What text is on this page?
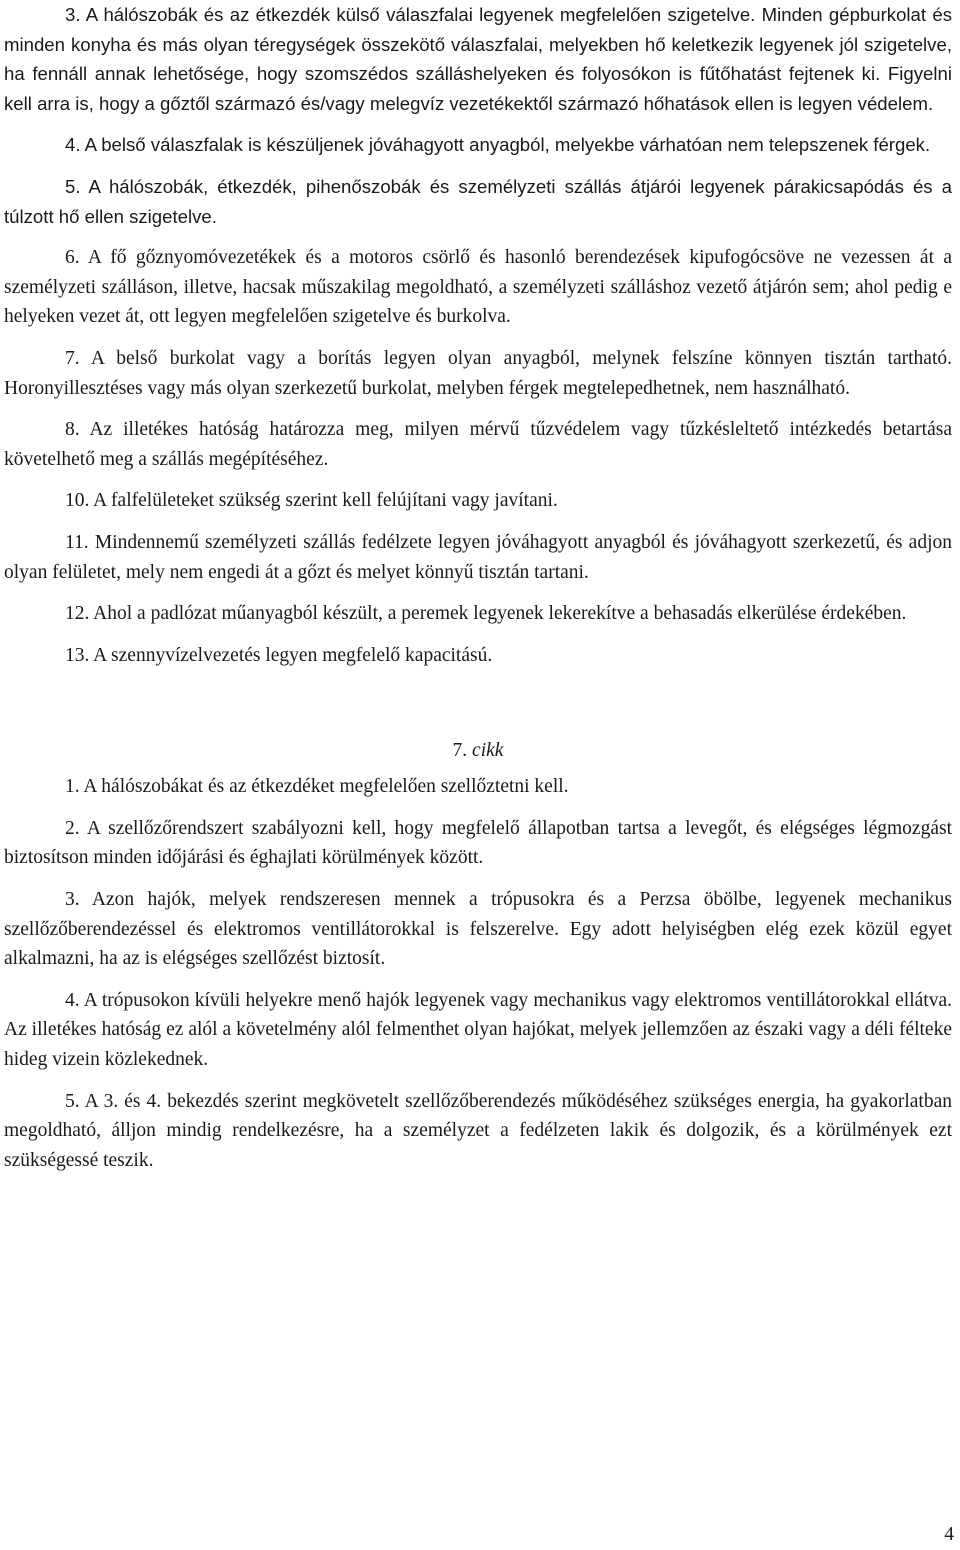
3. A hálószobák és az étkezdék külső válaszfalai legyenek megfelelően szigetelve. Minden gépburkolat és minden konyha és más olyan téregységek összekötő válaszfalai, melyekben hő keletkezik legyenek jól szigetelve, ha fennáll annak lehetősége, hogy szomszédos szálláshelyeken és folyosókon is fűtőhatást fejtenek ki. Figyelni kell arra is, hogy a gőztől származó és/vagy melegvíz vezetékektől származó hőhatások ellen is legyen védelem.

4. A belső válaszfalak is készüljenek jóváhagyott anyagból, melyekbe várhatóan nem telepszenek férgek.

5. A hálószobák, étkezdék, pihenőszobák és személyzeti szállás átjárói legyenek párakicsapódás és a túlzott hő ellen szigetelve.

6. A fő gőznyomóvezetékek és a motoros csörlő és hasonló berendezések kipufogócsöve ne vezessen át a személyzeti szálláson, illetve, hacsak műszakilag megoldható, a személyzeti szálláshoz vezető átjárón sem; ahol pedig e helyeken vezet át, ott legyen megfelelően szigetelve és burkolva.

7. A belső burkolat vagy a borítás legyen olyan anyagból, melynek felszíne könnyen tisztán tartható. Horonyillesztéses vagy más olyan szerkezetű burkolat, melyben férgek megtelepedhetnek, nem használható.

8. Az illetékes hatóság határozza meg, milyen mérvű tűzvédelem vagy tűzkésleltető intézkedés betartása követelhető meg a szállás megépítéséhez.

10. A falfelületeket szükség szerint kell felújítani vagy javítani.

11. Mindennemű személyzeti szállás fedélzete legyen jóváhagyott anyagból és jóváhagyott szerkezetű, és adjon olyan felületet, mely nem engedi át a gőzt és melyet könnyű tisztán tartani.

12. Ahol a padlózat műanyagból készült, a peremek legyenek lekerekítve a behasadás elkerülése érdekében.

13. A szennyvízelvezetés legyen megfelelő kapacitású.

7. cikk

1. A hálószobákat és az étkezdéket megfelelően szellőztetni kell.

2. A szellőzőrendszert szabályozni kell, hogy megfelelő állapotban tartsa a levegőt, és elégséges légmozgást biztosítson minden időjárási és éghajlati körülmények között.

3. Azon hajók, melyek rendszeresen mennek a trópusokra és a Perzsa öbölbe, legyenek mechanikus szellőzőberendezéssel és elektromos ventillátorokkal is felszerelve. Egy adott helyiségben elég ezek közül egyet alkalmazni, ha az is elégséges szellőzést biztosít.

4. A trópusokon kívüli helyekre menő hajók legyenek vagy mechanikus vagy elektromos ventillátorokkal ellátva. Az illetékes hatóság ez alól a követelmény alól felmenthet olyan hajókat, melyek jellemzően az északi vagy a déli félteke hideg vizein közlekednek.

5. A 3. és 4. bekezdés szerint megkövetelt szellőzőberendezés működéséhez szükséges energia, ha gyakorlatban megoldható, álljon mindig rendelkezésre, ha a személyzet a fedélzeten lakik és dolgozik, és a körülmények ezt szükségessé teszik.

4
